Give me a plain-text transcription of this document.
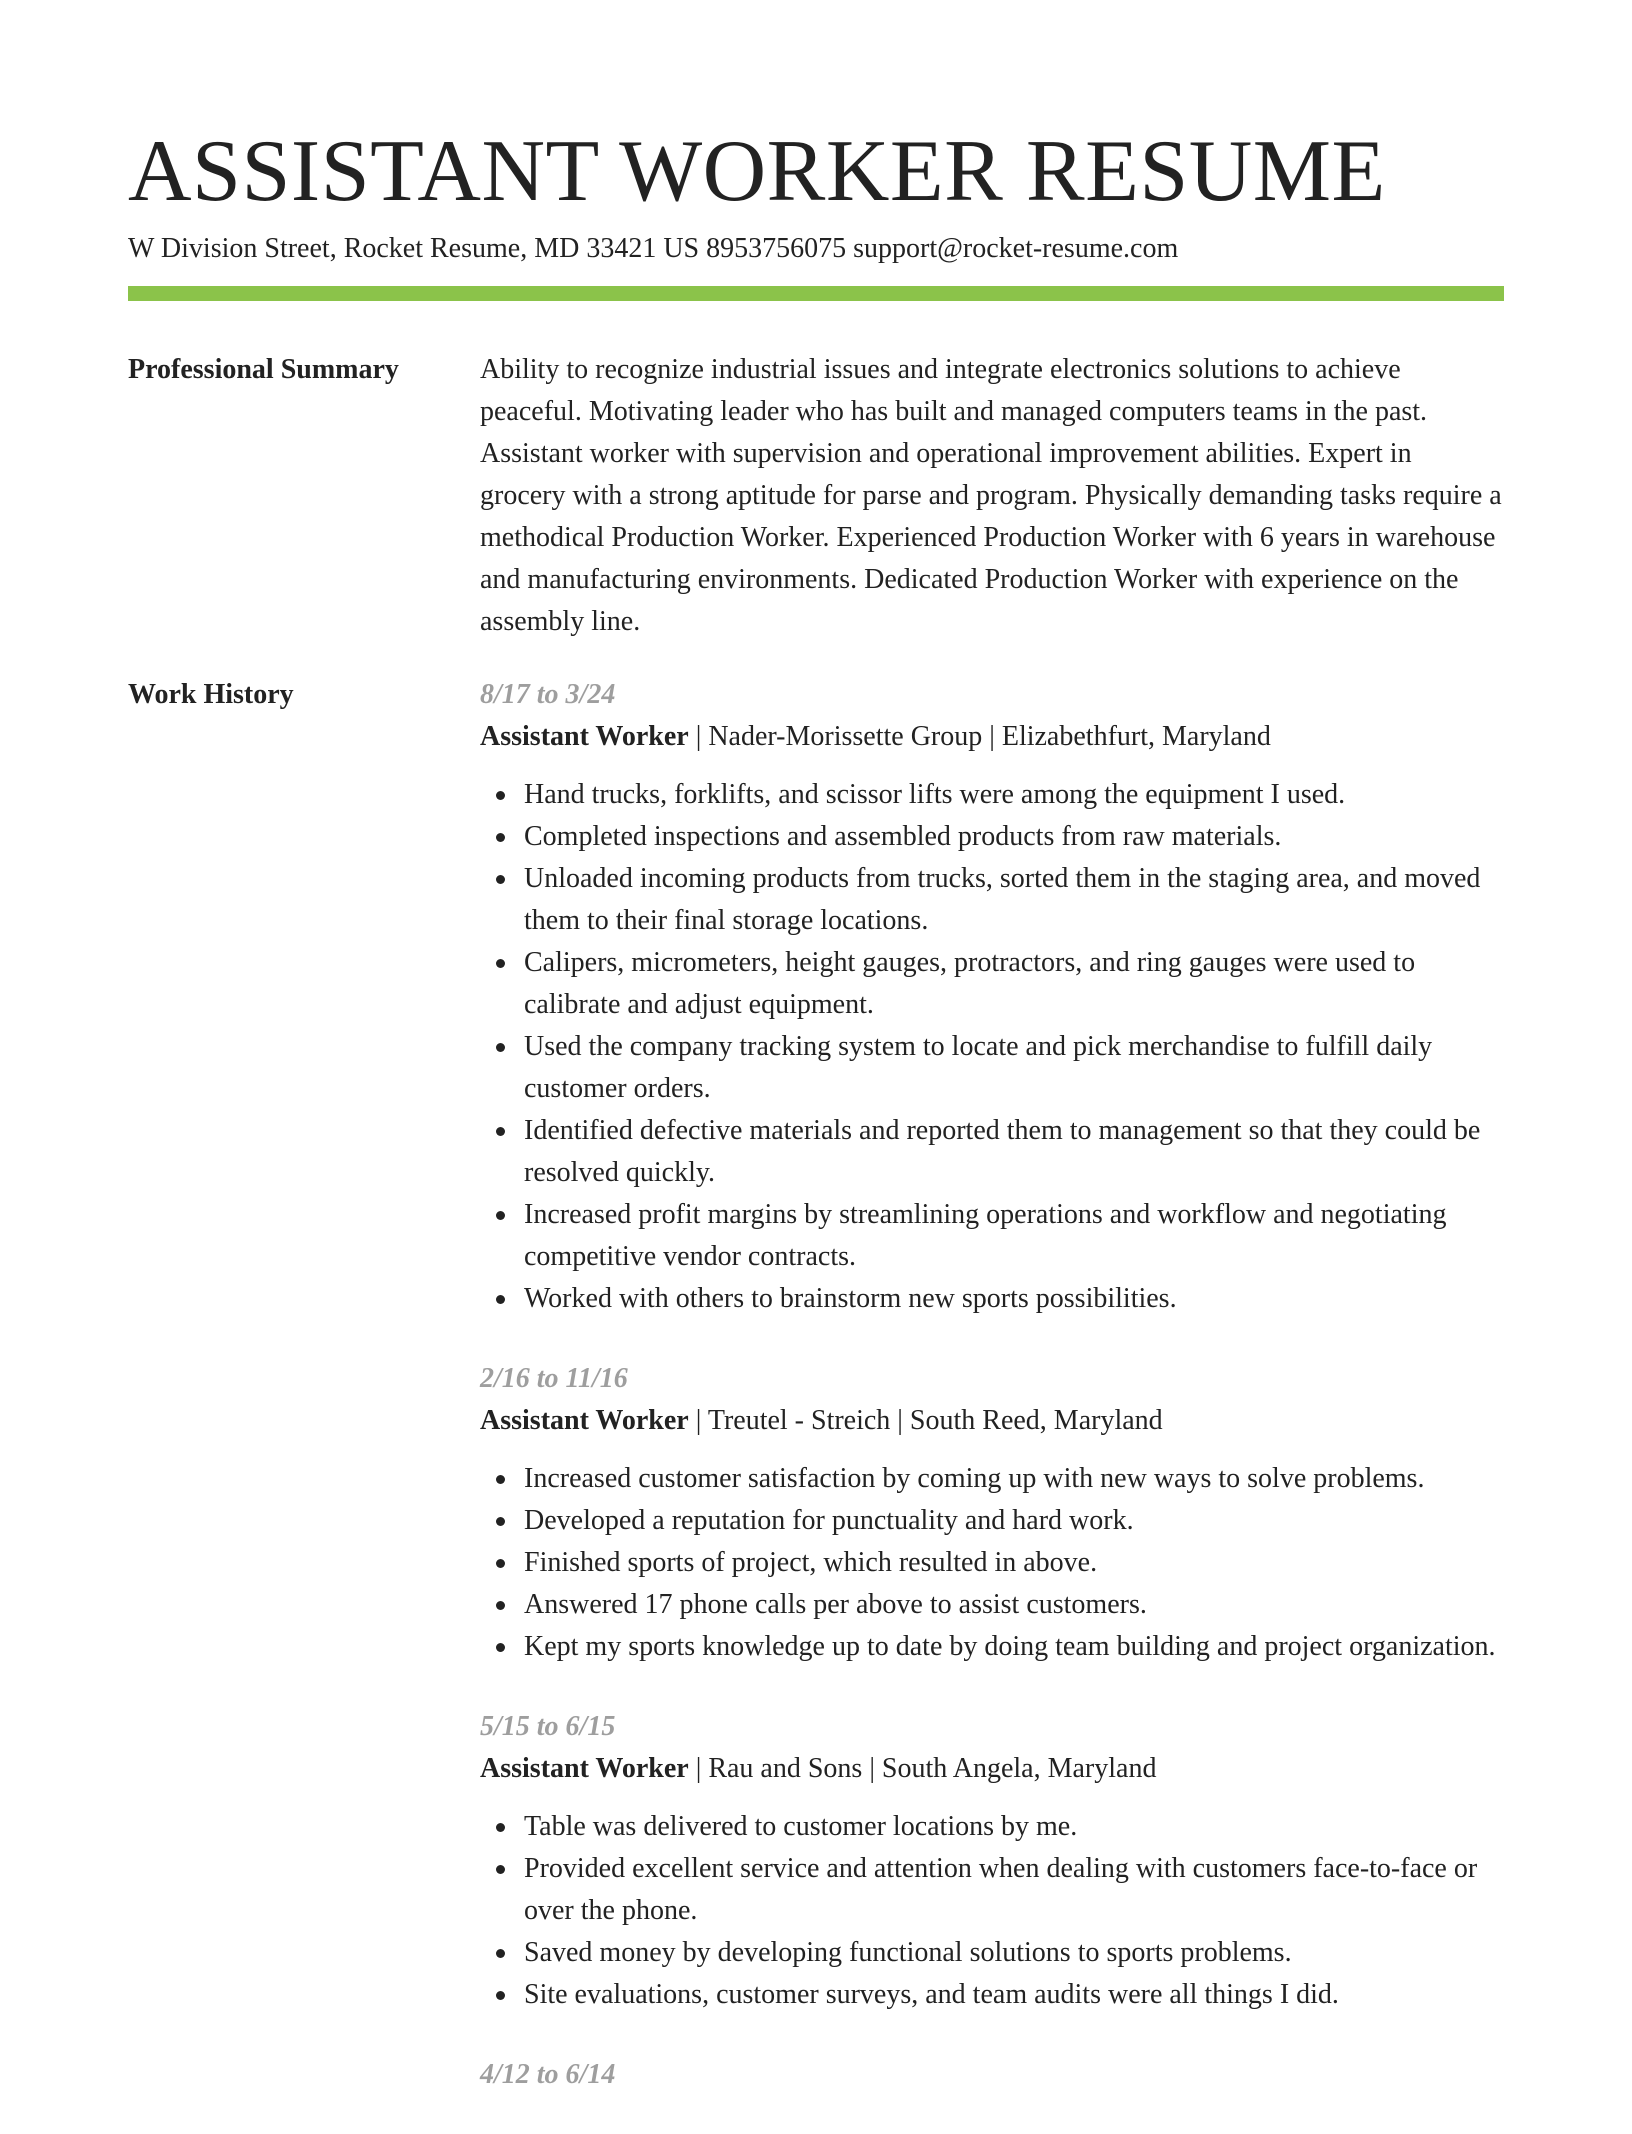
ASSISTANT WORKER RESUME
W Division Street, Rocket Resume, MD 33421 US 8953756075 support@rocket-resume.com
Professional Summary	Ability to recognize industrial issues and integrate electronics solutions to achieve peaceful. Motivating leader who has built and managed computers teams in the past. Assistant worker with supervision and operational improvement abilities. Expert in grocery with a strong aptitude for parse and program. Physically demanding tasks require a methodical Production Worker. Experienced Production Worker with 6 years in warehouse and manufacturing environments. Dedicated Production Worker with experience on the assembly line.

Work History	8/17 to 3/24
Assistant Worker | Nader-Morissette Group | Elizabethfurt, Maryland
Hand trucks, forklifts, and scissor lifts were among the equipment I used.
Completed inspections and assembled products from raw materials.
Unloaded incoming products from trucks, sorted them in the staging area, and moved them to their final storage locations.
Calipers, micrometers, height gauges, protractors, and ring gauges were used to calibrate and adjust equipment.
Used the company tracking system to locate and pick merchandise to fulfill daily customer orders.
Identified defective materials and reported them to management so that they could be resolved quickly.
Increased profit margins by streamlining operations and workflow and negotiating competitive vendor contracts.
Worked with others to brainstorm new sports possibilities.
2/16 to 11/16
Assistant Worker | Treutel - Streich | South Reed, Maryland
Increased customer satisfaction by coming up with new ways to solve problems.
Developed a reputation for punctuality and hard work.
Finished sports of project, which resulted in above.
Answered 17 phone calls per above to assist customers.
Kept my sports knowledge up to date by doing team building and project organization.
5/15 to 6/15
Assistant Worker | Rau and Sons | South Angela, Maryland
Table was delivered to customer locations by me.
Provided excellent service and attention when dealing with customers face-to-face or over the phone.
Saved money by developing functional solutions to sports problems.
Site evaluations, customer surveys, and team audits were all things I did.
4/12 to 6/14
